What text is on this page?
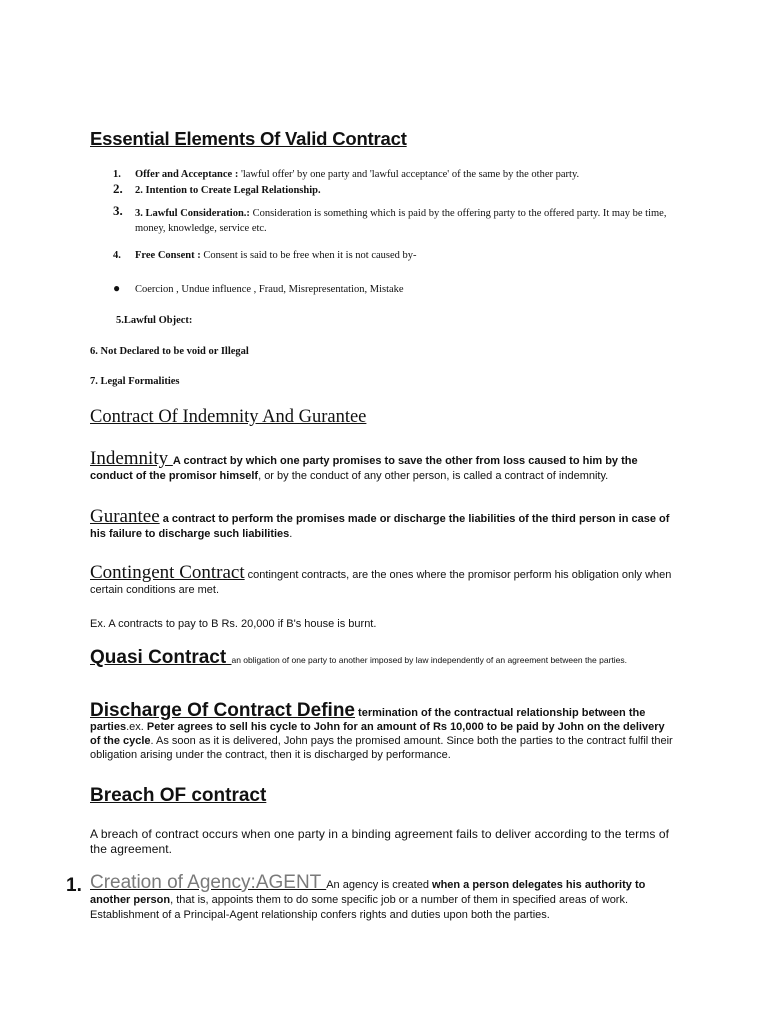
Essential Elements Of Valid Contract
1. Offer and Acceptance : 'lawful offer' by one party and 'lawful acceptance' of the same by the other party.
2. 2. Intention to Create Legal Relationship.
3. 3. Lawful Consideration.: Consideration is something which is paid by the offering party to the offered party. It may be time, money, knowledge, service etc.
4. Free Consent : Consent is said to be free when it is not caused by-
● Coercion , Undue influence , Fraud, Misrepresentation, Mistake
5.Lawful Object:
6. Not Declared to be void or Illegal
7. Legal Formalities
Contract Of Indemnity And Gurantee
Indemnity A contract by which one party promises to save the other from loss caused to him by the conduct of the promisor himself, or by the conduct of any other person, is called a contract of indemnity.
Gurantee a contract to perform the promises made or discharge the liabilities of the third person in case of his failure to discharge such liabilities.
Contingent Contract contingent contracts, are the ones where the promisor perform his obligation only when certain conditions are met.
Ex. A contracts to pay to B Rs. 20,000 if B's house is burnt.
Quasi Contract an obligation of one party to another imposed by law independently of an agreement between the parties.
Discharge Of Contract Define termination of the contractual relationship between the parties.ex. Peter agrees to sell his cycle to John for an amount of Rs 10,000 to be paid by John on the delivery of the cycle. As soon as it is delivered, John pays the promised amount. Since both the parties to the contract fulfil their obligation arising under the contract, then it is discharged by performance.
Breach OF contract
A breach of contract occurs when one party in a binding agreement fails to deliver according to the terms of the agreement.
1. Creation of Agency:AGENT An agency is created when a person delegates his authority to another person, that is, appoints them to do some specific job or a number of them in specified areas of work. Establishment of a Principal-Agent relationship confers rights and duties upon both the parties.
